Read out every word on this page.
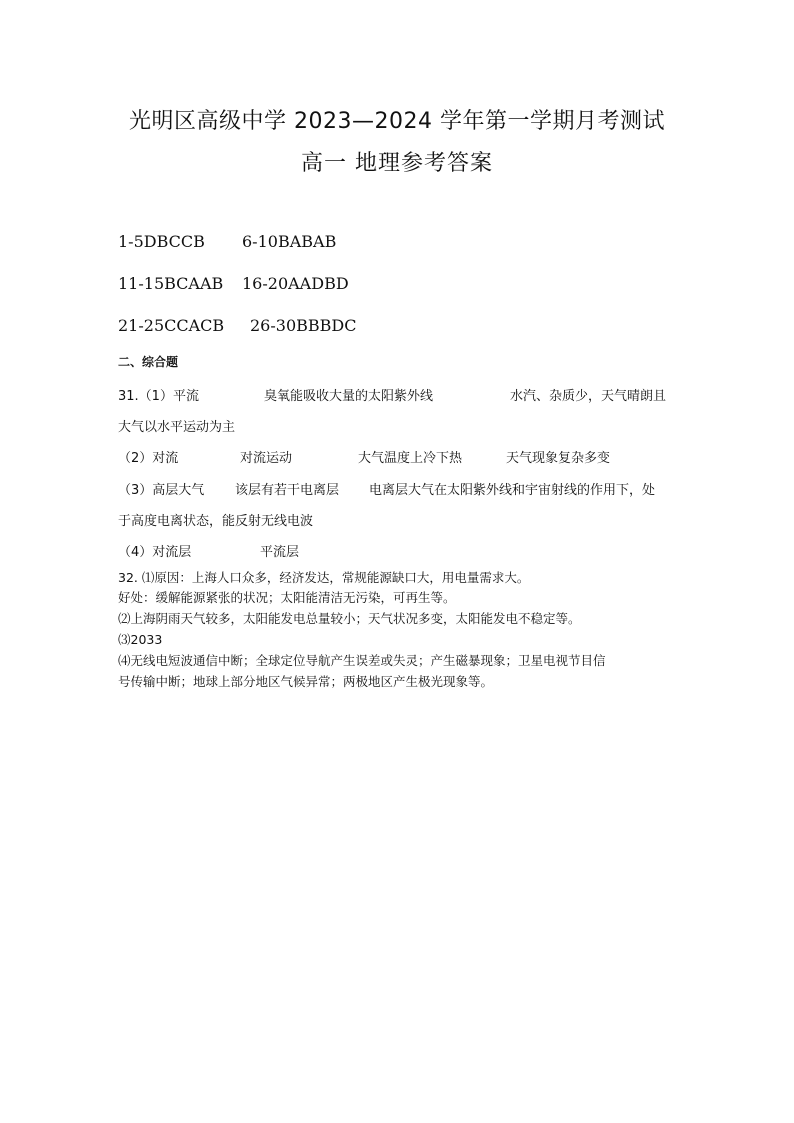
光明区高级中学 2023—2024 学年第一学期月考测试
高一 地理参考答案
1-5DBCCB 6-10BABAB
11-15BCAAB 16-20AADBD
21-25CCACB 26-30BBBDC
二、综合题
31.（1）平流	臭氧能吸收大量的太阳紫外线	水汽、杂质少，天气晴朗且
大气以水平运动为主
（2）对流	对流运动	大气温度上冷下热	天气现象复杂多变
（3）高层大气 该层有若干电离层 电离层大气在太阳紫外线和宇宙射线的作用下，处
于高度电离状态，能反射无线电波
（4）对流层	平流层
32. ⑴原因：上海人口众多，经济发达，常规能源缺口大，用电量需求大。
好处：缓解能源紧张的状况；太阳能清洁无污染，可再生等。
⑵上海阴雨天气较多，太阳能发电总量较小；天气状况多变，太阳能发电不稳定等。
⑶2033
⑷无线电短波通信中断；全球定位导航产生误差或失灵；产生磁暴现象；卫星电视节目信
号传输中断；地球上部分地区气候异常；两极地区产生极光现象等。
